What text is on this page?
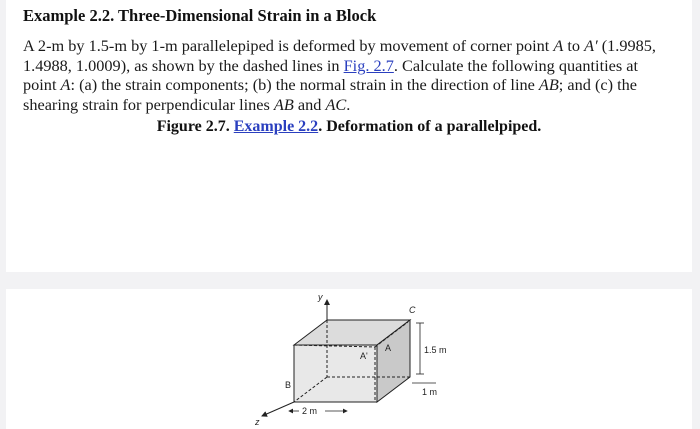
Example 2.2. Three-Dimensional Strain in a Block

A 2-m by 1.5-m by 1-m parallelepiped is deformed by movement of corner point A to A′ (1.9985, 1.4988, 1.0009), as shown by the dashed lines in Fig. 2.7. Calculate the following quantities at point A: (a) the strain components; (b) the normal strain in the direction of line AB; and (c) the shearing strain for perpendicular lines AB and AC.

Figure 2.7. Example 2.2. Deformation of a parallelpiped.

y
A'
A
B
C
1.5 m
1 m
2 m
z
